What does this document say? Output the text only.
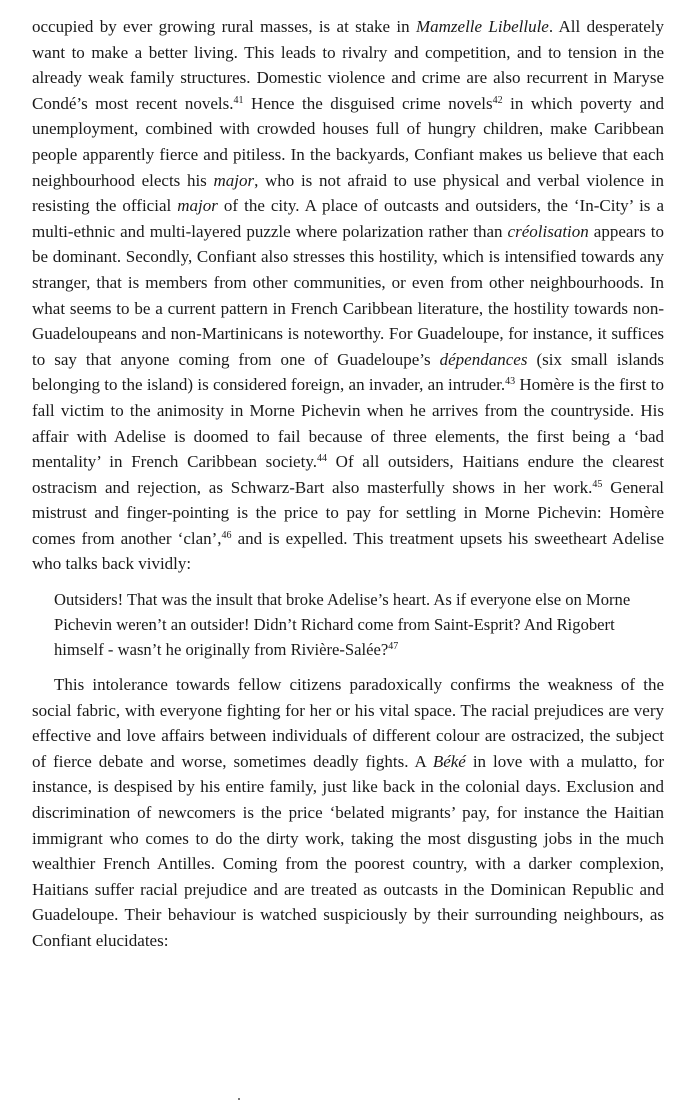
occupied by ever growing rural masses, is at stake in Mamzelle Libellule. All desperately want to make a better living. This leads to rivalry and competition, and to tension in the already weak family structures. Domestic violence and crime are also recurrent in Maryse Condé’s most recent novels.$^{41}$ Hence the disguised crime novels$^{42}$ in which poverty and unemployment, combined with crowded houses full of hungry children, make Caribbean people apparently fierce and pitiless. In the backyards, Confiant makes us believe that each neighbourhood elects his major, who is not afraid to use physical and verbal violence in resisting the official major of the city. A place of outcasts and outsiders, the ‘In-City’ is a multi-ethnic and multi-layered puzzle where polarization rather than créolisation appears to be dominant. Secondly, Confiant also stresses this hostility, which is intensified towards any stranger, that is members from other communities, or even from other neighbourhoods. In what seems to be a current pattern in French Caribbean literature, the hostility towards non-Guadeloupeans and non-Martinicans is noteworthy. For Guadeloupe, for instance, it suffices to say that anyone coming from one of Guadeloupe’s dépendances (six small islands belonging to the island) is considered foreign, an invader, an intruder.$^{43}$ Homère is the first to fall victim to the animosity in Morne Pichevin when he arrives from the countryside. His affair with Adelise is doomed to fail because of three elements, the first being a ‘bad mentality’ in French Caribbean society.$^{44}$ Of all outsiders, Haitians endure the clearest ostracism and rejection, as Schwarz-Bart also masterfully shows in her work.$^{45}$ General mistrust and finger-pointing is the price to pay for settling in Morne Pichevin: Homère comes from another ‘clan’,$^{46}$ and is expelled. This treatment upsets his sweetheart Adelise who talks back vividly:

Outsiders! That was the insult that broke Adelise’s heart. As if everyone else on Morne Pichevin weren’t an outsider! Didn’t Richard come from Saint-Esprit? And Rigobert himself - wasn’t he originally from Rivière-Salée?$^{47}$

This intolerance towards fellow citizens paradoxically confirms the weakness of the social fabric, with everyone fighting for her or his vital space. The racial prejudices are very effective and love affairs between individuals of different colour are ostracized, the subject of fierce debate and worse, sometimes deadly fights. A Béké in love with a mulatto, for instance, is despised by his entire family, just like back in the colonial days. Exclusion and discrimination of newcomers is the price ‘belated migrants’ pay, for instance the Haitian immigrant who comes to do the dirty work, taking the most disgusting jobs in the much wealthier French Antilles. Coming from the poorest country, with a darker complexion, Haitians suffer racial prejudice and are treated as outcasts in the Dominican Republic and Guadeloupe. Their behaviour is watched suspiciously by their surrounding neighbours, as Confiant elucidates:
